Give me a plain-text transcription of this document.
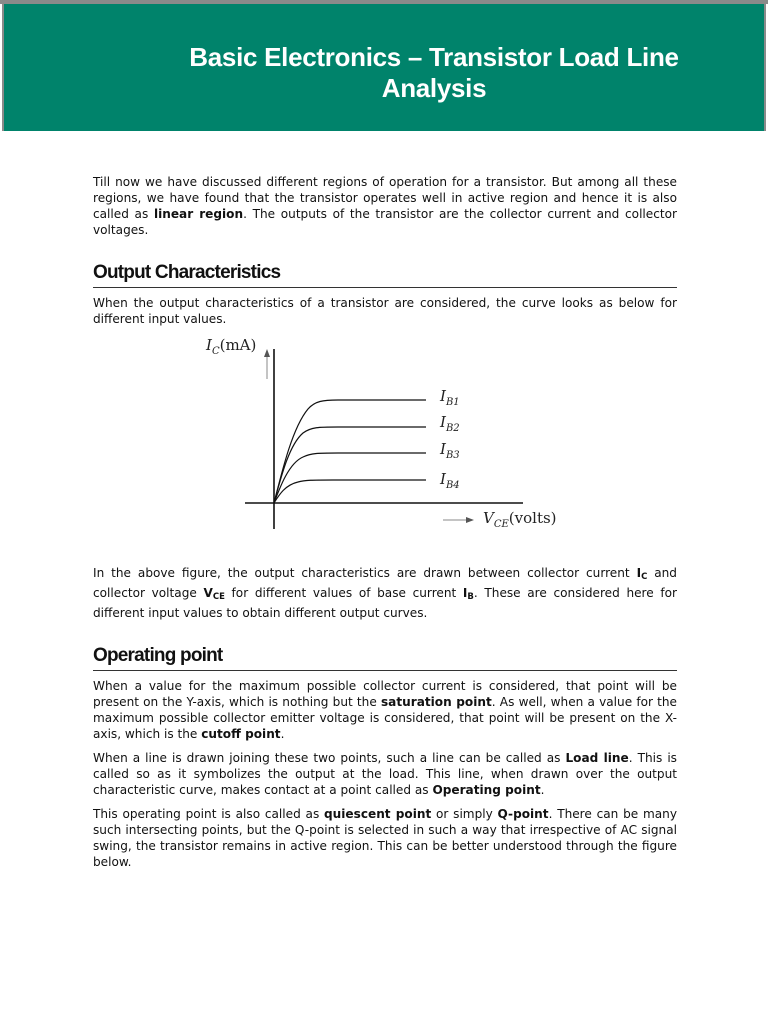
Basic Electronics – Transistor Load Line Analysis

Till now we have discussed different regions of operation for a transistor. But among all these regions, we have found that the transistor operates well in active region and hence it is also called as linear region. The outputs of the transistor are the collector current and collector voltages.

Output Characteristics

When the output characteristics of a transistor are considered, the curve looks as below for different input values.

$I_C(mA)$
$I_{B1}$
$I_{B2}$
$I_{B3}$
$I_{B4}$
$V_{CE}(volts)$

In the above figure, the output characteristics are drawn between collector current $I_C$ and collector voltage $V_{CE}$ for different values of base current $I_B$. These are considered here for different input values to obtain different output curves.

Operating point

When a value for the maximum possible collector current is considered, that point will be present on the Y-axis, which is nothing but the saturation point. As well, when a value for the maximum possible collector emitter voltage is considered, that point will be present on the X-axis, which is the cutoff point.

When a line is drawn joining these two points, such a line can be called as Load line. This is called so as it symbolizes the output at the load. This line, when drawn over the output characteristic curve, makes contact at a point called as Operating point.

This operating point is also called as quiescent point or simply Q-point. There can be many such intersecting points, but the Q-point is selected in such a way that irrespective of AC signal swing, the transistor remains in active region. This can be better understood through the figure below.
